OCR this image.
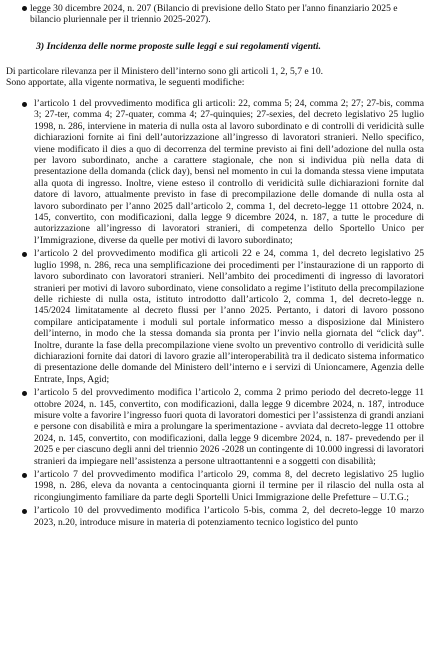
legge 30 dicembre 2024, n. 207 (Bilancio di previsione dello Stato per l'anno finanziario 2025 e bilancio pluriennale per il triennio 2025-2027).
3) Incidenza delle norme proposte sulle leggi e sui regolamenti vigenti.
Di particolare rilevanza per il Ministero dell’interno sono gli articoli 1, 2, 5,7 e 10.
Sono apportate, alla vigente normativa, le seguenti modifiche:
l’articolo 1 del provvedimento modifica gli articoli: 22, comma 5; 24, comma 2; 27; 27-bis, comma 3; 27-ter, comma 4; 27-quater, comma 4; 27-quinquies; 27-sexies, del decreto legislativo 25 luglio 1998, n. 286, interviene in materia di nulla osta al lavoro subordinato e di controlli di veridicità sulle dichiarazioni fornite ai fini dell’autorizzazione all’ingresso di lavoratori stranieri. Nello specifico, viene modificato il dies a quo di decorrenza del termine previsto ai fini dell’adozione del nulla osta per lavoro subordinato, anche a carattere stagionale, che non si individua più nella data di presentazione della domanda (click day), bensì nel momento in cui la domanda stessa viene imputata alla quota di ingresso. Inoltre, viene esteso il controllo di veridicità sulle dichiarazioni fornite dal datore di lavoro, attualmente previsto in fase di precompilazione delle domande di nulla osta al lavoro subordinato per l’anno 2025 dall’articolo 2, comma 1, del decreto-legge 11 ottobre 2024, n. 145, convertito, con modificazioni, dalla legge 9 dicembre 2024, n. 187, a tutte le procedure di autorizzazione all’ingresso di lavoratori stranieri, di competenza dello Sportello Unico per l’Immigrazione, diverse da quelle per motivi di lavoro subordinato;
l’articolo 2 del provvedimento modifica gli articoli 22 e 24, comma 1, del decreto legislativo 25 luglio 1998, n. 286, reca una semplificazione dei procedimenti per l’instaurazione di un rapporto di lavoro subordinato con lavoratori stranieri. Nell’ambito dei procedimenti di ingresso di lavoratori stranieri per motivi di lavoro subordinato, viene consolidato a regime l’istituto della precompilazione delle richieste di nulla osta, istituto introdotto dall’articolo 2, comma 1, del decreto-legge n. 145/2024 limitatamente al decreto flussi per l’anno 2025. Pertanto, i datori di lavoro possono compilare anticipatamente i moduli sul portale informatico messo a disposizione dal Ministero dell’interno, in modo che la stessa domanda sia pronta per l’invio nella giornata del “click day”. Inoltre, durante la fase della precompilazione viene svolto un preventivo controllo di veridicità sulle dichiarazioni fornite dai datori di lavoro grazie all’interoperabilità tra il dedicato sistema informatico di presentazione delle domande del Ministero dell’interno e i servizi di Unioncamere, Agenzia delle Entrate, Inps, Agid;
l’articolo 5 del provvedimento modifica l’articolo 2, comma 2 primo periodo del decreto-legge 11 ottobre 2024, n. 145, convertito, con modificazioni, dalla legge 9 dicembre 2024, n. 187, introduce misure volte a favorire l’ingresso fuori quota di lavoratori domestici per l’assistenza di grandi anziani e persone con disabilità e mira a prolungare la sperimentazione - avviata dal decreto-legge 11 ottobre 2024, n. 145, convertito, con modificazioni, dalla legge 9 dicembre 2024, n. 187- prevedendo per il 2025 e per ciascuno degli anni del triennio 2026 -2028 un contingente di 10.000 ingressi di lavoratori stranieri da impiegare nell’assistenza a persone ultraottantenni e a soggetti con disabilità;
l’articolo 7 del provvedimento modifica l’articolo 29, comma 8, del decreto legislativo 25 luglio 1998, n. 286, eleva da novanta a centocinquanta giorni il termine per il rilascio del nulla osta al ricongiungimento familiare da parte degli Sportelli Unici Immigrazione delle Prefetture – U.T.G.;
l’articolo 10 del provvedimento modifica l’articolo 5-bis, comma 2, del decreto-legge 10 marzo 2023, n.20, introduce misure in materia di potenziamento tecnico logistico del punto
